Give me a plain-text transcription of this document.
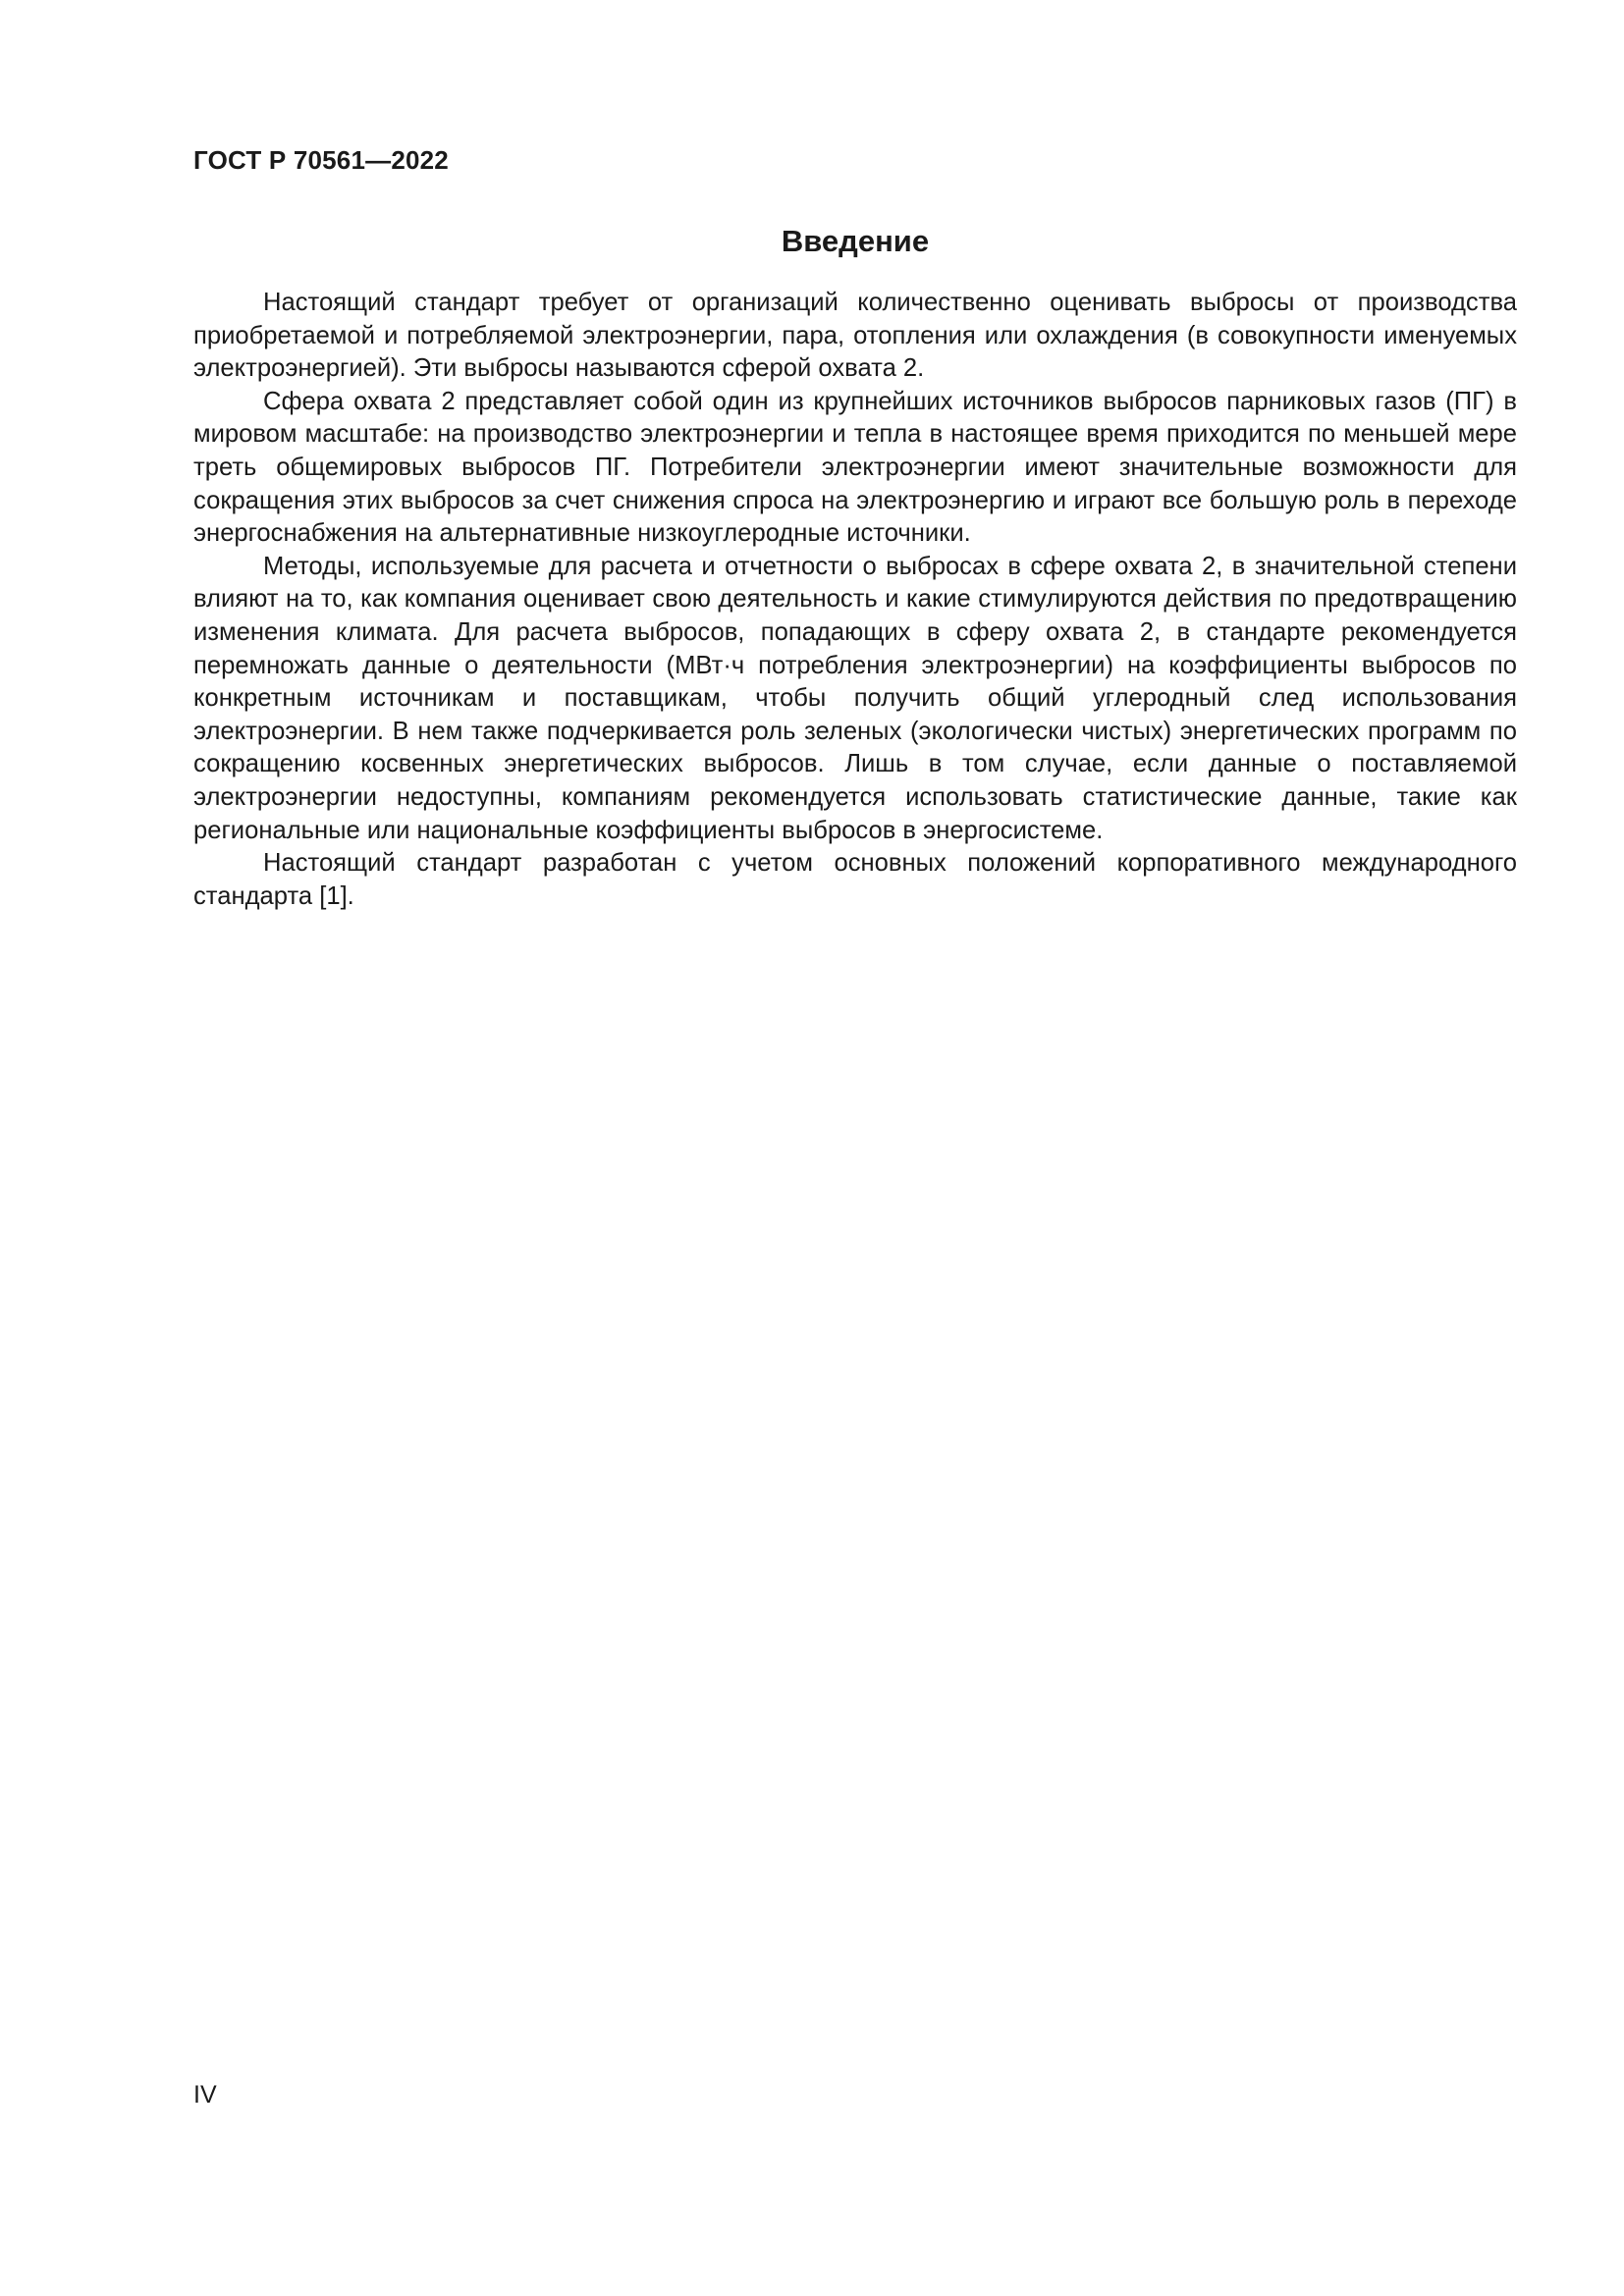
ГОСТ Р 70561—2022
Введение

Настоящий стандарт требует от организаций количественно оценивать выбросы от производства приобретаемой и потребляемой электроэнергии, пара, отопления или охлаждения (в совокупности именуемых электроэнергией). Эти выбросы называются сферой охвата 2.

Сфера охвата 2 представляет собой один из крупнейших источников выбросов парниковых газов (ПГ) в мировом масштабе: на производство электроэнергии и тепла в настоящее время приходится по меньшей мере треть общемировых выбросов ПГ. Потребители электроэнергии имеют значительные возможности для сокращения этих выбросов за счет снижения спроса на электроэнергию и играют все большую роль в переходе энергоснабжения на альтернативные низкоуглеродные источники.

Методы, используемые для расчета и отчетности о выбросах в сфере охвата 2, в значительной степени влияют на то, как компания оценивает свою деятельность и какие стимулируются действия по предотвращению изменения климата. Для расчета выбросов, попадающих в сферу охвата 2, в стандарте рекомендуется перемножать данные о деятельности (МВт·ч потребления электроэнергии) на коэффициенты выбросов по конкретным источникам и поставщикам, чтобы получить общий углеродный след использования электроэнергии. В нем также подчеркивается роль зеленых (экологически чистых) энергетических программ по сокращению косвенных энергетических выбросов. Лишь в том случае, если данные о поставляемой электроэнергии недоступны, компаниям рекомендуется использовать статистические данные, такие как региональные или национальные коэффициенты выбросов в энергосистеме.

Настоящий стандарт разработан с учетом основных положений корпоративного международного стандарта [1].

IV
